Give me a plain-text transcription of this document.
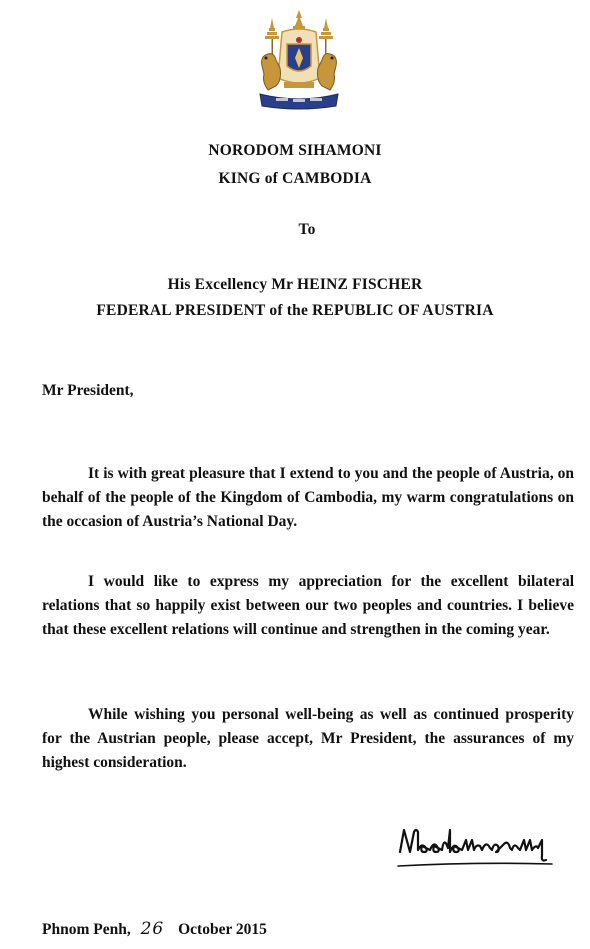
NORODOM SIHAMONI
KING of CAMBODIA
To
His Excellency Mr HEINZ FISCHER
FEDERAL PRESIDENT of the REPUBLIC OF AUSTRIA
Mr President,

It is with great pleasure that I extend to you and the people of Austria, on behalf of the people of the Kingdom of Cambodia, my warm congratulations on the occasion of Austria’s National Day.

I would like to express my appreciation for the excellent bilateral relations that so happily exist between our two peoples and countries. I believe that these excellent relations will continue and strengthen in the coming year.

While wishing you personal well-being as well as continued prosperity for the Austrian people, please accept, Mr President, the assurances of my highest consideration.

Phnom Penh, 26 October 2015
